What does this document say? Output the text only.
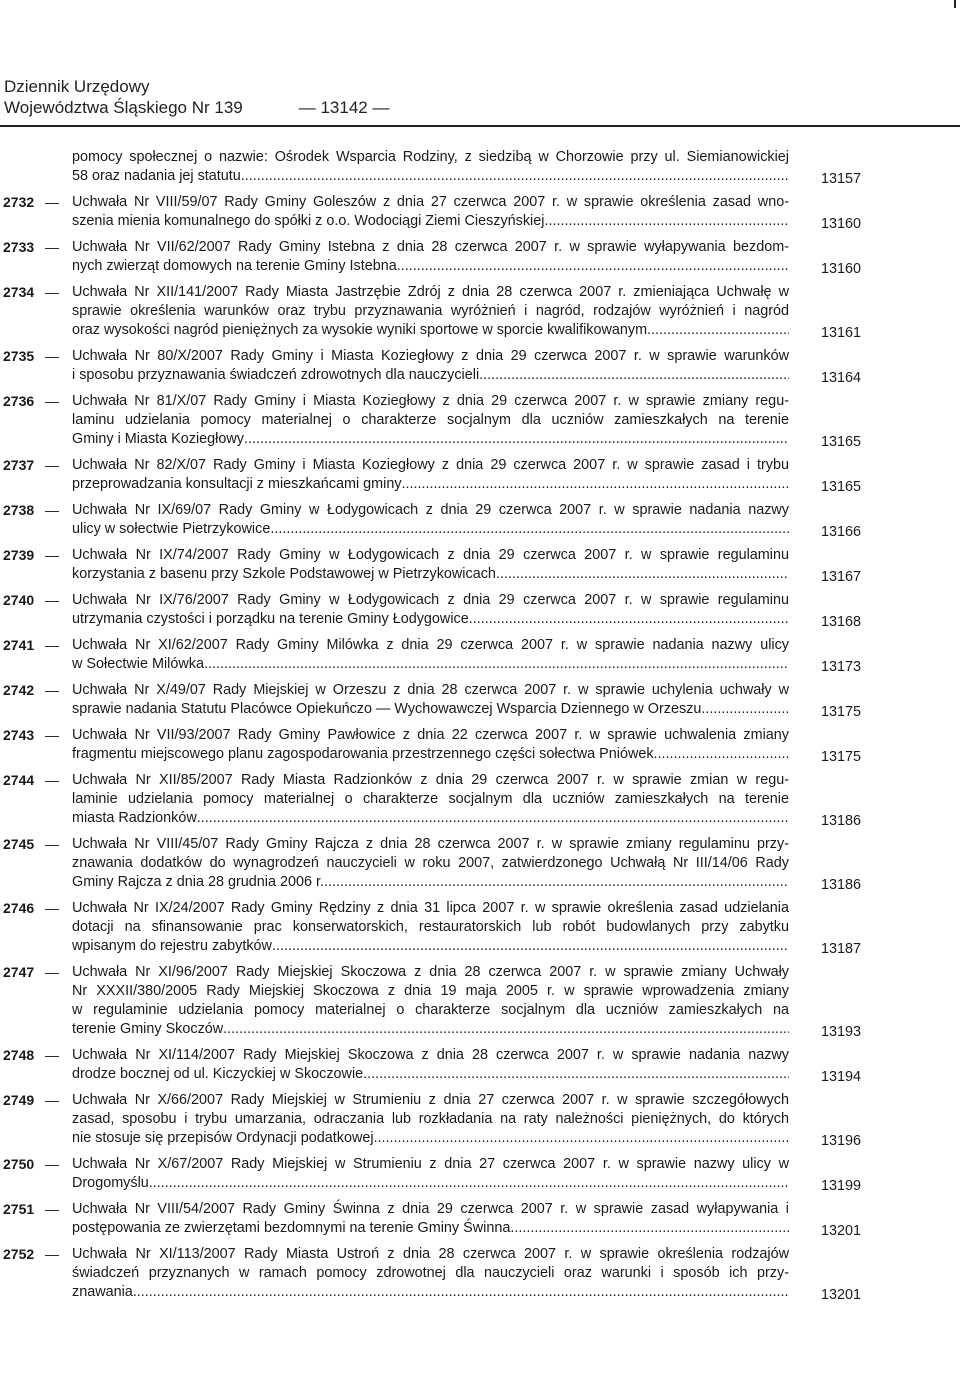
Dziennik Urzędowy
Województwa Śląskiego Nr 139	— 13142 —
pomocy społecznej o nazwie: Ośrodek Wsparcia Rodziny, z siedzibą w Chorzowie przy ul. Siemianowickiej
58 oraz nadania jej statutu .....	13157
2732 — Uchwała Nr VIII/59/07 Rady Gminy Goleszów z dnia 27 czerwca 2007 r. w sprawie określenia zasad wno-
szenia mienia komunalnego do spółki z o.o. Wodociągi Ziemi Cieszyńskiej .....	13160
2733 — Uchwała Nr VII/62/2007 Rady Gminy Istebna z dnia 28 czerwca 2007 r. w sprawie wyłapywania bezdom-
nych zwierząt domowych na terenie Gminy Istebna .....	13160
2734 — Uchwała Nr XII/141/2007 Rady Miasta Jastrzębie Zdrój z dnia 28 czerwca 2007 r. zmieniająca Uchwałę w
sprawie określenia warunków oraz trybu przyznawania wyróżnień i nagród, rodzajów wyróżnień i nagród
oraz wysokości nagród pieniężnych za wysokie wyniki sportowe w sporcie kwalifikowanym .....	13161
2735 — Uchwała Nr 80/X/2007 Rady Gminy i Miasta Koziegłowy z dnia 29 czerwca 2007 r. w sprawie warunków
i sposobu przyznawania świadczeń zdrowotnych dla nauczycieli .....	13164
2736 — Uchwała Nr 81/X/07 Rady Gminy i Miasta Koziegłowy z dnia 29 czerwca 2007 r. w sprawie zmiany regu-
laminu udzielania pomocy materialnej o charakterze socjalnym dla uczniów zamieszkałych na terenie
Gminy i Miasta Koziegłowy .....	13165
2737 — Uchwała Nr 82/X/07 Rady Gminy i Miasta Koziegłowy z dnia 29 czerwca 2007 r. w sprawie zasad i trybu
przeprowadzania konsultacji z mieszkańcami gminy .....	13165
2738 — Uchwała Nr IX/69/07 Rady Gminy w Łodygowicach z dnia 29 czerwca 2007 r. w sprawie nadania nazwy
ulicy w sołectwie Pietrzykowice .....	13166
2739 — Uchwała Nr IX/74/2007 Rady Gminy w Łodygowicach z dnia 29 czerwca 2007 r. w sprawie regulaminu
korzystania z basenu przy Szkole Podstawowej w Pietrzykowicach .....	13167
2740 — Uchwała Nr IX/76/2007 Rady Gminy w Łodygowicach z dnia 29 czerwca 2007 r. w sprawie regulaminu
utrzymania czystości i porządku na terenie Gminy Łodygowice .....	13168
2741 — Uchwała Nr XI/62/2007 Rady Gminy Milówka z dnia 29 czerwca 2007 r. w sprawie nadania nazwy ulicy
w Sołectwie Milówka .....	13173
2742 — Uchwała Nr X/49/07 Rady Miejskiej w Orzeszu z dnia 28 czerwca 2007 r. w sprawie uchylenia uchwały w
sprawie nadania Statutu Placówce Opiekuńczo — Wychowawczej Wsparcia Dziennego w Orzeszu .....	13175
2743 — Uchwała Nr VII/93/2007 Rady Gminy Pawłowice z dnia 22 czerwca 2007 r. w sprawie uchwalenia zmiany
fragmentu miejscowego planu zagospodarowania przestrzennego części sołectwa Pniówek .....	13175
2744 — Uchwała Nr XII/85/2007 Rady Miasta Radzionków z dnia 29 czerwca 2007 r. w sprawie zmian w regu-
laminie udzielania pomocy materialnej o charakterze socjalnym dla uczniów zamieszkałych na terenie
miasta Radzionków .....	13186
2745 — Uchwała Nr VIII/45/07 Rady Gminy Rajcza z dnia 28 czerwca 2007 r. w sprawie zmiany regulaminu przy-
znawania dodatków do wynagrodzeń nauczycieli w roku 2007, zatwierdzonego Uchwałą Nr III/14/06 Rady
Gminy Rajcza z dnia 28 grudnia 2006 r. .....	13186
2746 — Uchwała Nr IX/24/2007 Rady Gminy Rędziny z dnia 31 lipca 2007 r. w sprawie określenia zasad udzielania
dotacji na sfinansowanie prac konserwatorskich, restauratorskich lub robót budowlanych przy zabytku
wpisanym do rejestru zabytków .....	13187
2747 — Uchwała Nr XI/96/2007 Rady Miejskiej Skoczowa z dnia 28 czerwca 2007 r. w sprawie zmiany Uchwały
Nr XXXII/380/2005 Rady Miejskiej Skoczowa z dnia 19 maja 2005 r. w sprawie wprowadzenia zmiany
w regulaminie udzielania pomocy materialnej o charakterze socjalnym dla uczniów zamieszkałych na
terenie Gminy Skoczów .....	13193
2748 — Uchwała Nr XI/114/2007 Rady Miejskiej Skoczowa z dnia 28 czerwca 2007 r. w sprawie nadania nazwy
drodze bocznej od ul. Kiczyckiej w Skoczowie .....	13194
2749 — Uchwała Nr X/66/2007 Rady Miejskiej w Strumieniu z dnia 27 czerwca 2007 r. w sprawie szczegółowych
zasad, sposobu i trybu umarzania, odraczania lub rozkładania na raty należności pieniężnych, do których
nie stosuje się przepisów Ordynacji podatkowej .....	13196
2750 — Uchwała Nr X/67/2007 Rady Miejskiej w Strumieniu z dnia 27 czerwca 2007 r. w sprawie nazwy ulicy w
Drogomyślu .....	13199
2751 — Uchwała Nr VIII/54/2007 Rady Gminy Świnna z dnia 29 czerwca 2007 r. w sprawie zasad wyłapywania i
postępowania ze zwierzętami bezdomnymi na terenie Gminy Świnna .....	13201
2752 — Uchwała Nr XI/113/2007 Rady Miasta Ustroń z dnia 28 czerwca 2007 r. w sprawie określenia rodzajów
świadczeń przyznanych w ramach pomocy zdrowotnej dla nauczycieli oraz warunki i sposób ich przy-
znawania .....	13201
